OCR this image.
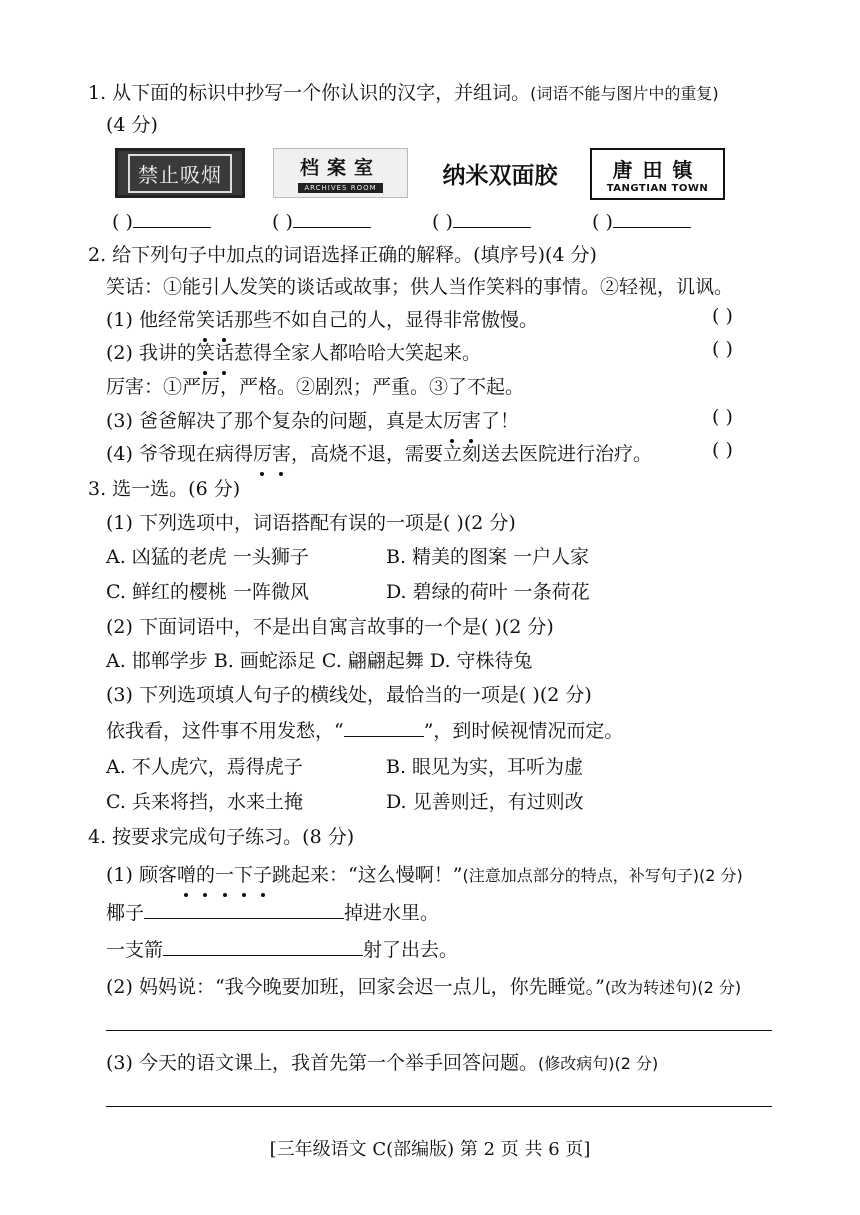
1. 从下面的标识中抄写一个你认识的汉字，并组词。(词语不能与图片中的重复)
(4 分)
禁止吸烟	档案室
ARCHIVES ROOM	纳米双面胶	唐田镇
TANGTIAN TOWN
( )	( )	( )	( )
2. 给下列句子中加点的词语选择正确的解释。(填序号)(4 分)
笑话：①能引人发笑的谈话或故事；供人当作笑料的事情。②轻视，讥讽。
(1) 他经常笑话那些不如自己的人，显得非常傲慢。	( )
(2) 我讲的笑话惹得全家人都哈哈大笑起来。	( )
厉害：①严厉，严格。②剧烈；严重。③了不起。
(3) 爸爸解决了那个复杂的问题，真是太厉害了！	( )
(4) 爷爷现在病得厉害，高烧不退，需要立刻送去医院进行治疗。	( )
3. 选一选。(6 分)
(1) 下列选项中，词语搭配有误的一项是( )(2 分)
A. 凶猛的老虎 一头狮子	B. 精美的图案 一户人家
C. 鲜红的樱桃 一阵微风	D. 碧绿的荷叶 一条荷花
(2) 下面词语中，不是出自寓言故事的一个是( )(2 分)
A. 邯郸学步 B. 画蛇添足 C. 翩翩起舞 D. 守株待兔
(3) 下列选项填人句子的横线处，最恰当的一项是( )(2 分)
依我看，这件事不用发愁，“	”，到时候视情况而定。
A. 不人虎穴，焉得虎子	B. 眼见为实，耳听为虚
C. 兵来将挡，水来土掩	D. 见善则迁，有过则改
4. 按要求完成句子练习。(8 分)
(1) 顾客噌的一下子跳起来：“这么慢啊！”(注意加点部分的特点，补写句子)(2 分)
椰子	掉进水里。
一支箭	射了出去。
(2) 妈妈说：“我今晚要加班，回家会迟一点儿，你先睡觉。”(改为转述句)(2 分)
(3) 今天的语文课上，我首先第一个举手回答问题。(修改病句)(2 分)
[三年级语文 C(部编版) 第 2 页 共 6 页]
